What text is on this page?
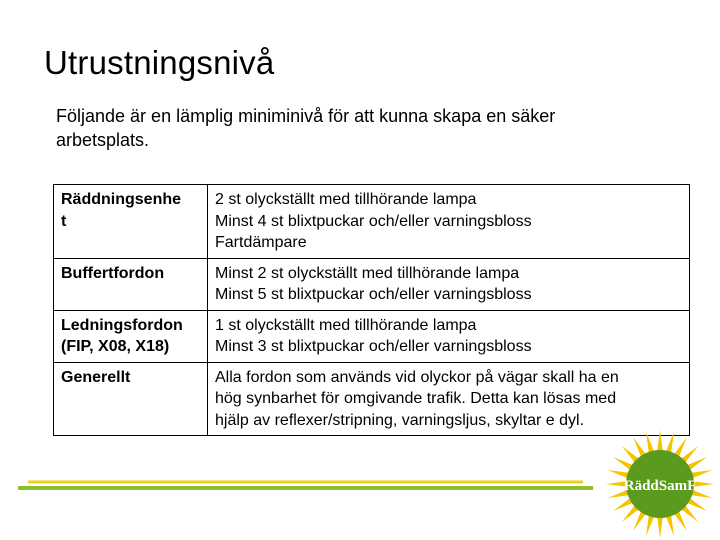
Utrustningsnivå

Följande är en lämplig miniminivå för att kunna skapa en säker arbetsplats.

Räddningsenhe
t	2 st olyckställt med tillhörande lampa
Minst 4 st blixtpuckar och/eller varningsbloss
Fartdämpare

Buffertfordon	Minst 2 st olyckställt med tillhörande lampa
Minst 5 st blixtpuckar och/eller varningsbloss

Ledningsfordon
(FIP, X08, X18)	1 st olyckställt med tillhörande lampa
Minst 3 st blixtpuckar och/eller varningsbloss

Generellt	Alla fordon som används vid olyckor på vägar skall ha en
hög synbarhet för omgivande trafik. Detta kan lösas med
hjälp av reflexer/stripning, varningsljus, skyltar e dyl.
RäddSamF
